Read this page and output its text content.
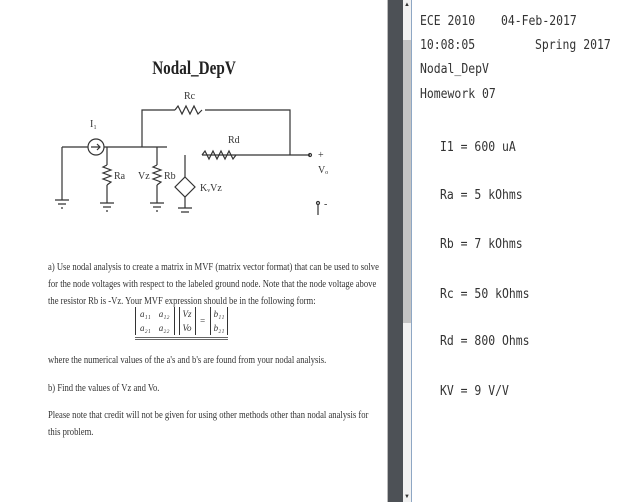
Nodal_DepV
I₁
Rc
Rd
Ra	Rb
Vz
KᵥVz
Vₒ
+
-
a) Use nodal analysis to create a matrix in MVF (matrix vector format) that can be used to solve
for the node voltages with respect to the labeled ground node. Note that the node voltage above
the resistor Rb is -Vz. Your MVF expression should be in the following form:
a₁₁ a₁₂
a₂₁ a₂₂
Vz
Vo
=
b₁₁
b₂₁
where the numerical values of the a's and b's are found from your nodal analysis.
b) Find the values of Vz and Vo.
Please note that credit will not be given for using other methods other than nodal analysis for
this problem.
▲
▼
ECE 2010 04-Feb-2017
10:08:05	Spring 2017
Nodal_DepV
Homework 07
I1 = 600 uA
Ra = 5 kOhms
Rb = 7 kOhms
Rc = 50 kOhms
Rd = 800 Ohms
KV = 9 V/V
